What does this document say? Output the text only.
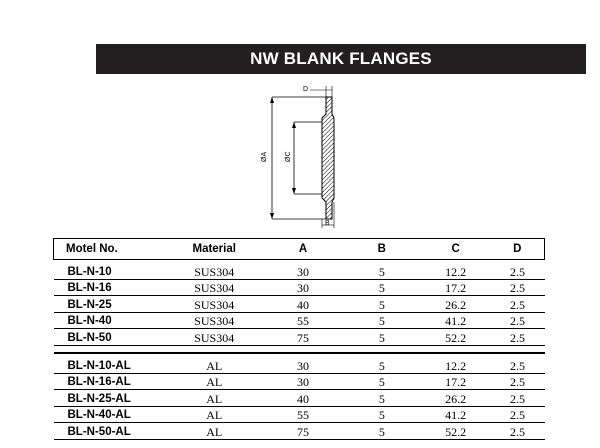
NW BLANK FLANGES
D
ØA ØC
B
Motel No.	Material	A	B	C	D
BL-N-10	SUS304	30	5	12.2	2.5
BL-N-16	SUS304	30	5	17.2	2.5
BL-N-25	SUS304	40	5	26.2	2.5
BL-N-40	SUS304	55	5	41.2	2.5
BL-N-50	SUS304	75	5	52.2	2.5

BL-N-10-AL	AL	30	5	12.2	2.5
BL-N-16-AL	AL	30	5	17.2	2.5
BL-N-25-AL	AL	40	5	26.2	2.5
BL-N-40-AL	AL	55	5	41.2	2.5
BL-N-50-AL	AL	75	5	52.2	2.5
